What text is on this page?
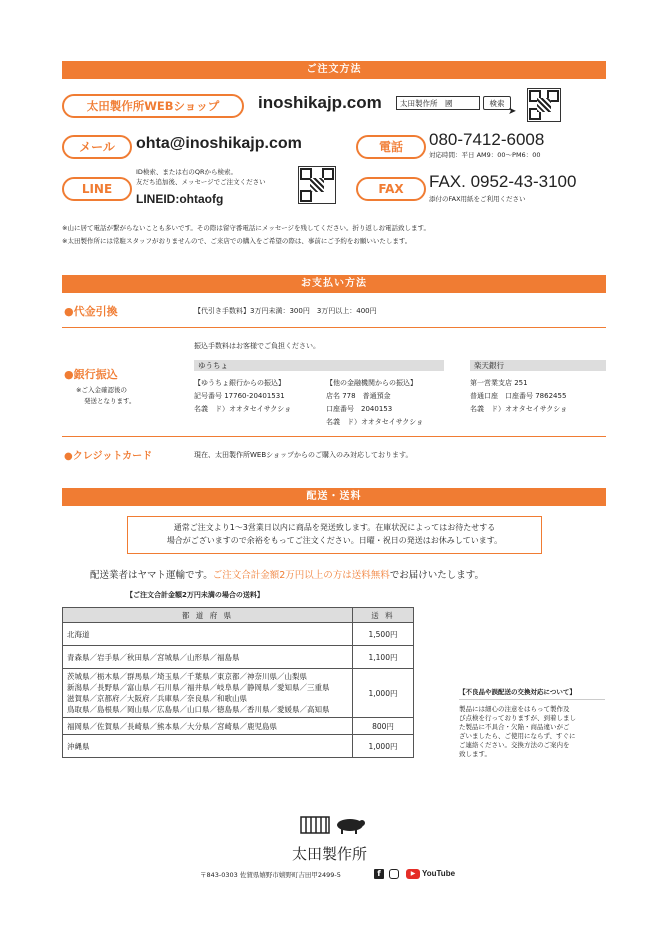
ご注文方法
太田製作所WEBショップ	inoshikajp.com	太田製作所　國	検索
➤
メール	ohta@inoshikajp.com	電話	080-7412-6008
対応時間：平日 AM9：00〜PM6：00
LINE
ID検索、または右のQRから検索。
友だち追加後、メッセージでご注文ください
LINEID:ohtaofg
FAX	FAX. 0952-43-3100
添付のFAX用紙をご利用ください
※山に居て電話が繋がらないことも多いです。その際は留守番電話にメッセージを残してください。折り返しお電話致します。
※太田製作所には常駐スタッフがおりませんので、ご来店での購入をご希望の際は、事前にご予約をお願いいたします。
お支払い方法
●代金引換	【代引き手数料】3万円未満：300円　3万円以上：400円
振込手数料はお客様でご負担ください。
●銀行振込
※ご入金確認後の
発送となります。
ゆうちょ
【ゆうちょ銀行からの振込】
記号番号 17760-20401531
名義　ド）オオタセイサクショ
【他の金融機関からの振込】
店名 778　普通預金
口座番号　2040153
名義　ド）オオタセイサクショ
楽天銀行
第一営業支店 251
普通口座　口座番号 7862455
名義　ド）オオタセイサクショ
●クレジットカード	現在、太田製作所WEBショップからのご購入のみ対応しております。
配送・送料
通常ご注文より1〜3営業日以内に商品を発送致します。在庫状況によってはお待たせする
場合がございますので余裕をもってご注文ください。日曜・祝日の発送はお休みしています。
配送業者はヤマト運輸です。ご注文合計金額2万円以上の方は送料無料でお届けいたします。
【ご注文合計金額2万円未満の場合の送料】
都 道 府 県	送 料

北海道	1,500円

青森県／岩手県／秋田県／宮城県／山形県／福島県	1,100円

茨城県／栃木県／群馬県／埼玉県／千葉県／東京都／神奈川県／山梨県
新潟県／長野県／富山県／石川県／福井県／岐阜県／静岡県／愛知県／三重県
滋賀県／京都府／大阪府／兵庫県／奈良県／和歌山県
鳥取県／島根県／岡山県／広島県／山口県／徳島県／香川県／愛媛県／高知県	1,000円

福岡県／佐賀県／長崎県／熊本県／大分県／宮崎県／鹿児島県	800円

沖縄県	1,000円
【不良品や誤配送の交換対応について】
製品には細心の注意をはらって製作及
び点検を行っておりますが、到着しまし
た製品に不具合・欠陥・商品違いがご
ざいましたら、ご使用にならず、すぐに
ご連絡ください。交換方法のご案内を
致します。
太田製作所
〒843-0303 佐賀県嬉野市嬉野町吉田甲2499-5	f	▶ YouTube
